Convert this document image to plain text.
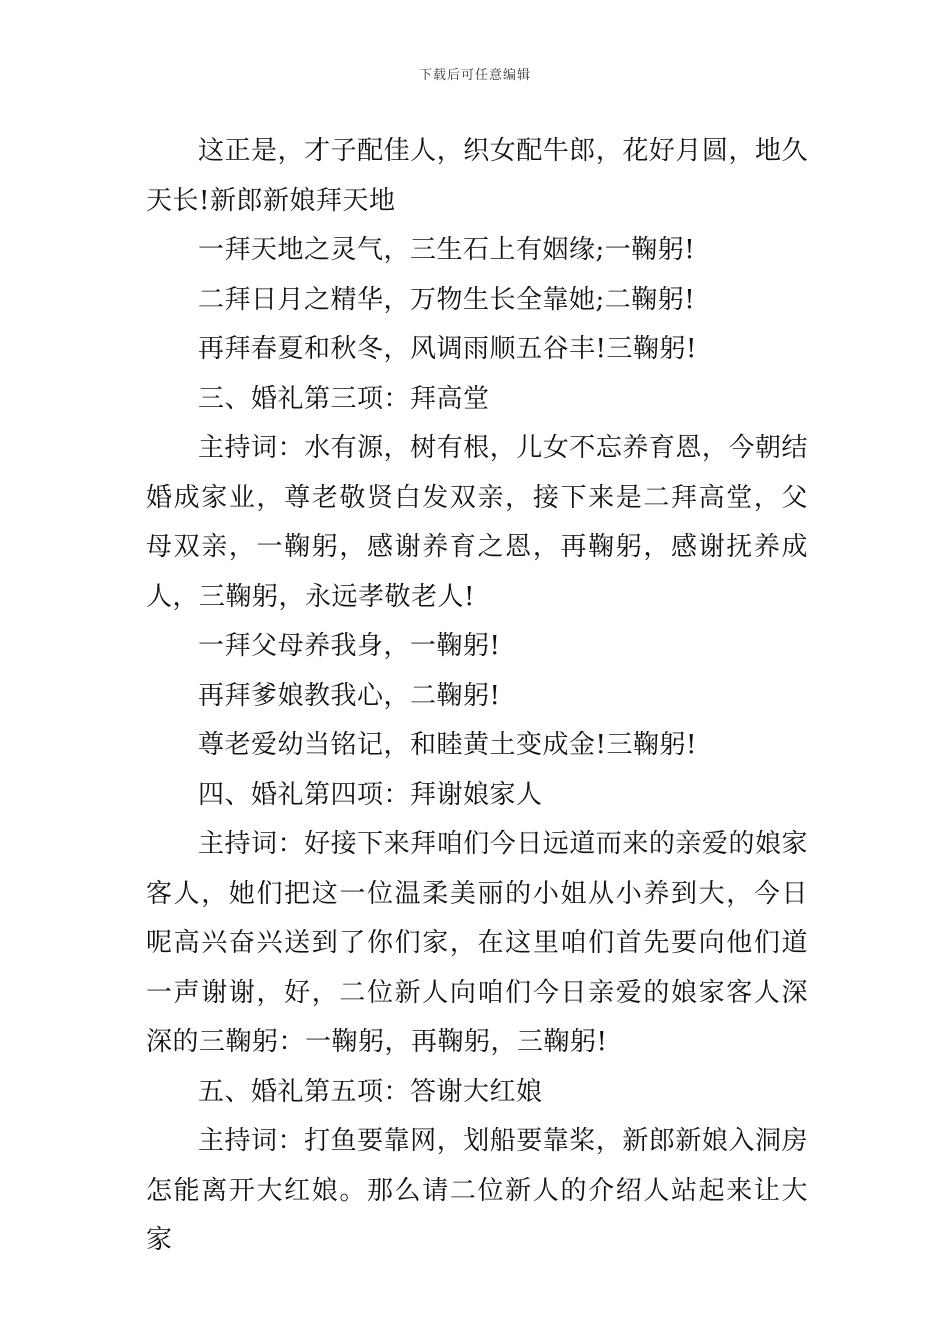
下载后可任意编辑

这正是，才子配佳人，织女配牛郎，花好月圆，地久天长!新郎新娘拜天地

一拜天地之灵气，三生石上有姻缘;一鞠躬!

二拜日月之精华，万物生长全靠她;二鞠躬!

再拜春夏和秋冬，风调雨顺五谷丰!三鞠躬!

三、婚礼第三项：拜高堂

主持词：水有源，树有根，儿女不忘养育恩，今朝结婚成家业，尊老敬贤白发双亲，接下来是二拜高堂，父母双亲，一鞠躬，感谢养育之恩，再鞠躬，感谢抚养成人，三鞠躬，永远孝敬老人!

一拜父母养我身，一鞠躬!

再拜爹娘教我心，二鞠躬!

尊老爱幼当铭记，和睦黄土变成金!三鞠躬!

四、婚礼第四项：拜谢娘家人

主持词：好接下来拜咱们今日远道而来的亲爱的娘家客人，她们把这一位温柔美丽的小姐从小养到大，今日呢高兴奋兴送到了你们家，在这里咱们首先要向他们道一声谢谢，好，二位新人向咱们今日亲爱的娘家客人深深的三鞠躬：一鞠躬，再鞠躬，三鞠躬!

五、婚礼第五项：答谢大红娘

主持词：打鱼要靠网，划船要靠桨，新郎新娘入洞房怎能离开大红娘。那么请二位新人的介绍人站起来让大家
